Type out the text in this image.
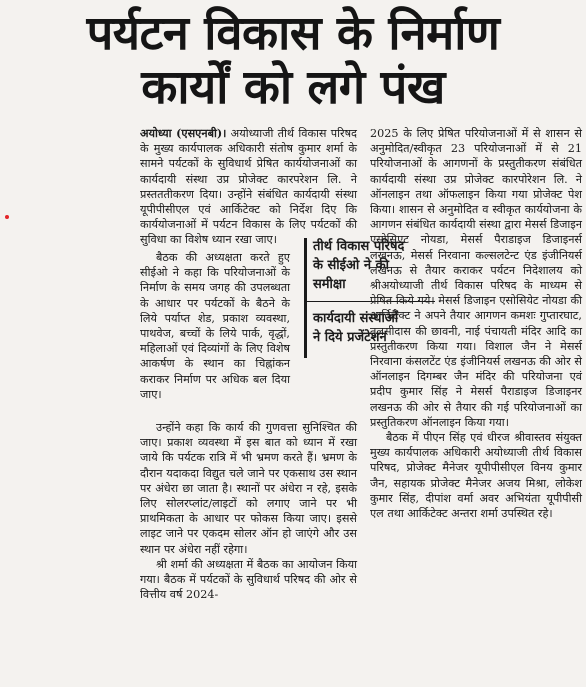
पर्यटन विकास के निर्माण
कार्यों को लगे पंख

अयोध्या (एसएनबी)। अयोध्याजी तीर्थ विकास परिषद के मुख्य कार्यपालक अधिकारी संतोष कुमार शर्मा के सामने पर्यटकों के सुविधार्थ प्रेषित कार्ययोजनाओं का कार्यदायी संस्था उप्र प्रोजेक्ट कारपरेशन लि. ने प्रस्तततीकरण दिया। उन्होंने संबंधित कार्यदायी संस्था यूपीपीसीएल एवं आर्किटेक्ट को निर्देश दिए कि कार्ययोजनाओं में पर्यटन विकास के लिए पर्यटकों की सुविधा का विशेष ध्यान रखा जाए।

बैठक की अध्यक्षता करते हुए सीईओ ने कहा कि परियोजनाओं के निर्माण के समय जगह की उपलब्धता के आधार पर पर्यटकों के बैठने के लिये पर्याप्त शेड, प्रकाश व्यवस्था, पाथवेज, बच्चों के लिये पार्क, वृद्धों, महिलाओं एवं दिव्यांगों के लिए विशेष आकर्षण के स्थान का चिह्नांकन कराकर निर्माण पर अधिक बल दिया जाए।

उन्होंने कहा कि कार्य की गुणवत्ता सुनिश्चित की जाए। प्रकाश व्यवस्था में इस बात को ध्यान में रखा जाये कि पर्यटक रात्रि में भी भ्रमण करते हैं। भ्रमण के दौरान यदाकदा विद्युत चले जाने पर एकसाथ उस स्थान पर अंधेरा छा जाता है। स्थानों पर अंधेरा न रहे, इसके लिए सोलरप्लांट/लाइटों को लगाए जाने पर भी प्राथमिकता के आधार पर फोकस किया जाए। इससे लाइट जाने पर एकदम सोलर ऑन हो जाएंगे और उस स्थान पर अंधेरा नहीं रहेगा।

श्री शर्मा की अध्यक्षता में बैठक का आयोजन किया गया। बैठक में पर्यटकों के सुविधार्थ परिषद की ओर से वित्तीय वर्ष 2024-

तीर्थ विकास परिषद
के सीईओ ने की
समीक्षा
कार्यदायी संस्थाओं
ने दिये प्रजेंटेशन

2025 के लिए प्रेषित परियोजनाओं में से शासन से अनुमोदित/स्वीकृत 23 परियोजनाओं में से 21 परियोजनाओं के आगणनों के प्रस्तुतीकरण संबंधित कार्यदायी संस्था उप्र प्रोजेक्ट कारपोरेशन लि. ने ऑनलाइन तथा ऑफलाइन किया गया प्रोजेक्ट पेश किया। शासन से अनुमोदित व स्वीकृत कार्ययोजना के आगणन संबंधित कार्यदायी संस्था द्वारा मेसर्स डिजाइन एसोसिएट नोयडा, मेसर्स पैराडाइज डिजाइनर्स लखनऊ, मेसर्स निरवाना कल्सलटेन्ट एंड इंजीनियर्स लखनऊ से तैयार कराकर पर्यटन निदेशालय को श्रीअयोध्याजी तीर्थ विकास परिषद के माध्यम से प्रेषित किये गये। मेसर्स डिजाइन एसोसियेट नोयडा की आर्किटेक्ट ने अपने तैयार आगणन कमशः गुप्तारघाट, तुलसीदास की छावनी, नाई पंचायती मंदिर आदि का प्रस्तुतीकरण किया गया। विशाल जैन ने मेसर्स निरवाना कंसलटेंट एंड इंजीनियर्स लखनऊ की ओर से ऑनलाइन दिगम्बर जैन मंदिर की परियोजना एवं प्रदीप कुमार सिंह ने मेसर्स पैराडाइज डिजाइनर लखनऊ की ओर से तैयार की गई परियोजनाओं का प्रस्तुतिकरण ऑनलाइन किया गया।

बैठक में पीएन सिंह एवं धीरज श्रीवास्तव संयुक्त मुख्य कार्यपालक अधिकारी अयोध्याजी तीर्थ विकास परिषद, प्रोजेक्ट मैनेजर यूपीपीसीएल विनय कुमार जैन, सहायक प्रोजेक्ट मैनेजर अजय मिश्रा, लोकेश कुमार सिंह, दीपांश वर्मा अवर अभियंता यूपीपीसी एल तथा आर्किटेक्ट अन्तरा शर्मा उपस्थित रहे।
